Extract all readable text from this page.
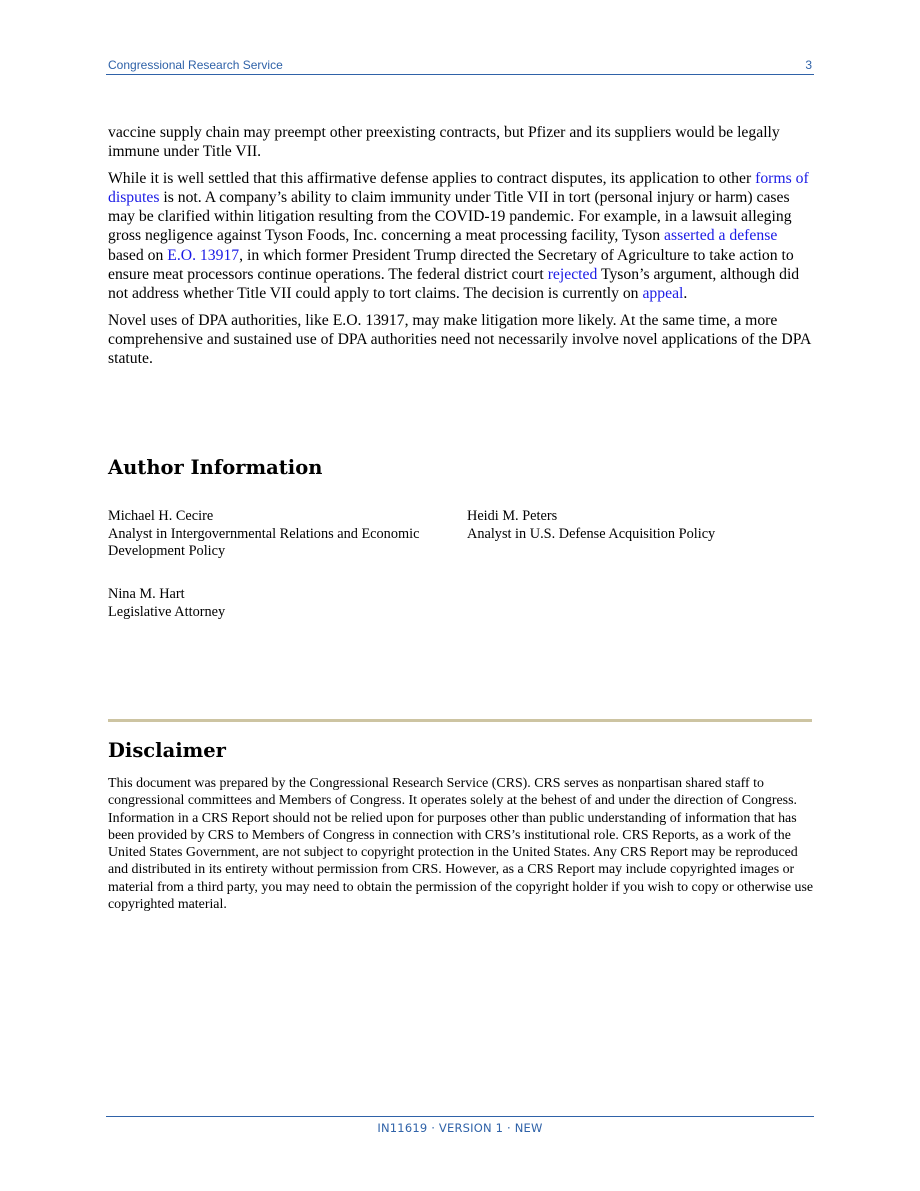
Congressional Research Service	3

vaccine supply chain may preempt other preexisting contracts, but Pfizer and its suppliers would be legally immune under Title VII.

While it is well settled that this affirmative defense applies to contract disputes, its application to other forms of disputes is not. A company’s ability to claim immunity under Title VII in tort (personal injury or harm) cases may be clarified within litigation resulting from the COVID-19 pandemic. For example, in a lawsuit alleging gross negligence against Tyson Foods, Inc. concerning a meat processing facility, Tyson asserted a defense based on E.O. 13917, in which former President Trump directed the Secretary of Agriculture to take action to ensure meat processors continue operations. The federal district court rejected Tyson’s argument, although did not address whether Title VII could apply to tort claims. The decision is currently on appeal.

Novel uses of DPA authorities, like E.O. 13917, may make litigation more likely. At the same time, a more comprehensive and sustained use of DPA authorities need not necessarily involve novel applications of the DPA statute.

Author Information
Michael H. Cecire
Analyst in Intergovernmental Relations and Economic Development Policy
Heidi M. Peters
Analyst in U.S. Defense Acquisition Policy
Nina M. Hart
Legislative Attorney
Disclaimer

This document was prepared by the Congressional Research Service (CRS). CRS serves as nonpartisan shared staff to congressional committees and Members of Congress. It operates solely at the behest of and under the direction of Congress. Information in a CRS Report should not be relied upon for purposes other than public understanding of information that has been provided by CRS to Members of Congress in connection with CRS’s institutional role. CRS Reports, as a work of the United States Government, are not subject to copyright protection in the United States. Any CRS Report may be reproduced and distributed in its entirety without permission from CRS. However, as a CRS Report may include copyrighted images or material from a third party, you may need to obtain the permission of the copyright holder if you wish to copy or otherwise use copyrighted material.

IN11619 · VERSION 1 · NEW
